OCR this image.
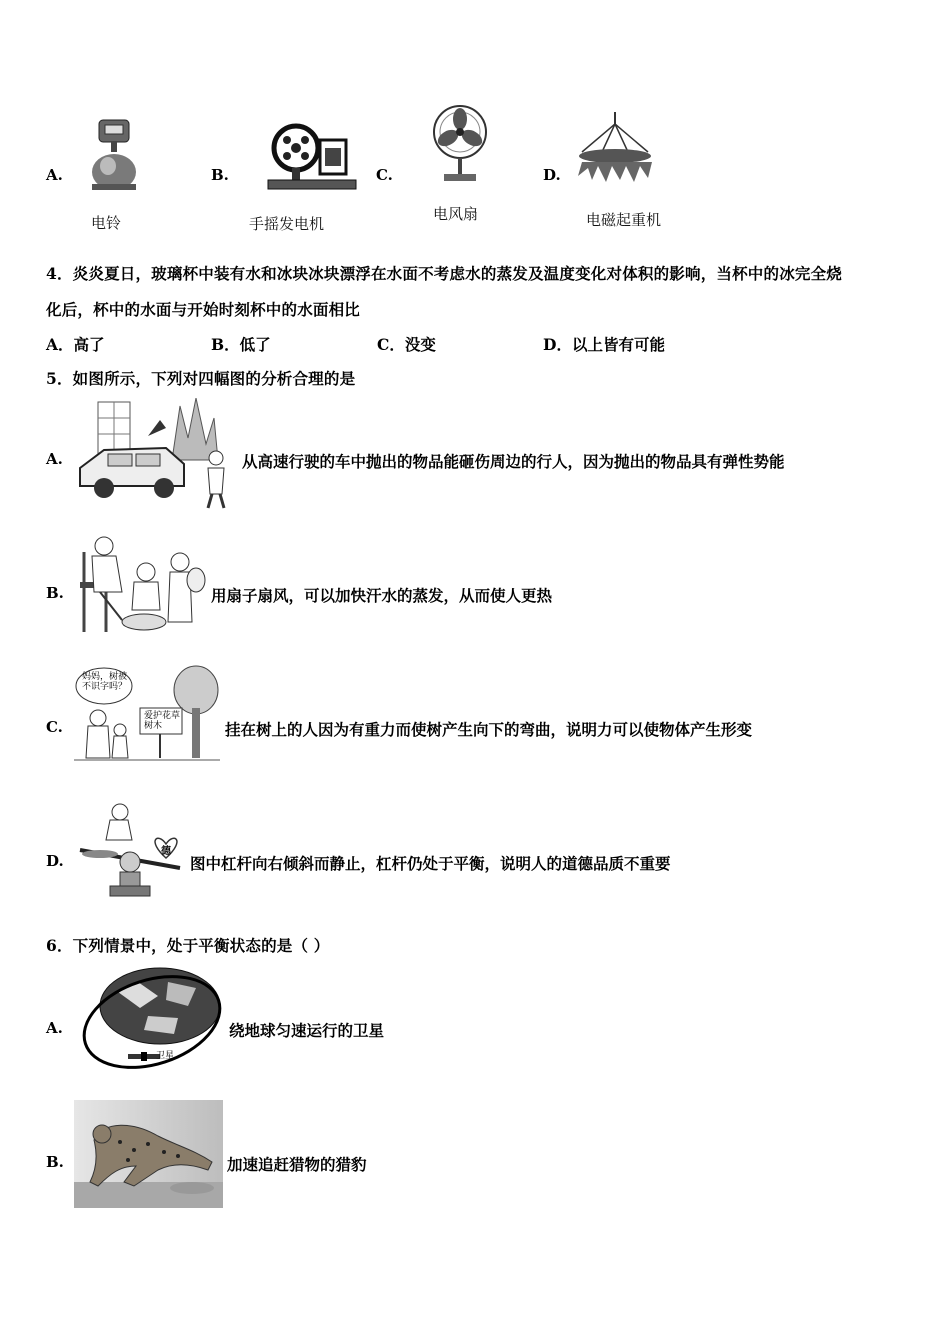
A.
电铃
B.
手摇发电机
C.
电风扇
D.
电磁起重机
4．炎炎夏日，玻璃杯中装有水和冰块冰块漂浮在水面不考虑水的蒸发及温度变化对体积的影响，当杯中的冰完全烧
化后，杯中的水面与开始时刻杯中的水面相比
A．高了	B．低了	C．没变	D．以上皆有可能
5．如图所示，下列对四幅图的分析合理的是
A.	从高速行驶的车中抛出的物品能砸伤周边的行人，因为抛出的物品具有弹性势能
B.	用扇子扇风，可以加快汗水的蒸发，从而使人更热
C.
妈妈，树被不识字吗？
爱护花草树木	挂在树上的人因为有重力而使树产生向下的弯曲，说明力可以使物体产生形变
D.
德
图中杠杆向右倾斜而静止，杠杆仍处于平衡，说明人的道德品质不重要
6．下列情景中，处于平衡状态的是（ ）
A.
卫星
绕地球匀速运行的卫星
B.	加速追赶猎物的猎豹
